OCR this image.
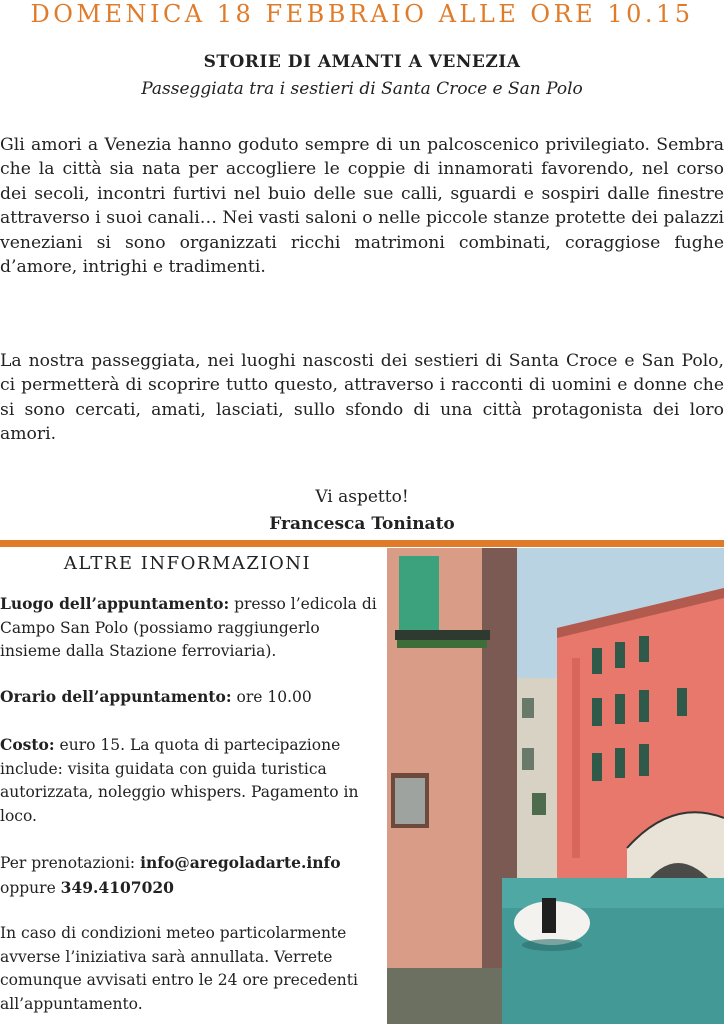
DOMENICA 18 FEBBRAIO ALLE ORE 10.15
STORIE DI AMANTI A VENEZIA
Passeggiata tra i sestieri di Santa Croce e San Polo

Gli amori a Venezia hanno goduto sempre di un palcoscenico privilegiato. Sembra che la città sia nata per accogliere le coppie di innamorati favorendo, nel corso dei secoli, incontri furtivi nel buio delle sue calli, sguardi e sospiri dalle finestre attraverso i suoi canali… Nei vasti saloni o nelle piccole stanze protette dei palazzi veneziani si sono organizzati ricchi matrimoni combinati, coraggiose fughe d’amore, intrighi e tradimenti.

La nostra passeggiata, nei luoghi nascosti dei sestieri di Santa Croce e San Polo, ci permetterà di scoprire tutto questo, attraverso i racconti di uomini e donne che si sono cercati, amati, lasciati, sullo sfondo di una città protagonista dei loro amori.

Vi aspetto!
Francesca Toninato
ALTRE INFORMAZIONI

Luogo dell’appuntamento: presso l’edicola di Campo San Polo (possiamo raggiungerlo insieme dalla Stazione ferroviaria).

Orario dell’appuntamento: ore 10.00

Costo: euro 15. La quota di partecipazione include: visita guidata con guida turistica autorizzata, noleggio whispers. Pagamento in loco.

Per prenotazioni: info@aregoladarte.info
oppure 349.4107020

In caso di condizioni meteo particolarmente avverse l’iniziativa sarà annullata. Verrete comunque avvisati entro le 24 ore precedenti all’appuntamento.
